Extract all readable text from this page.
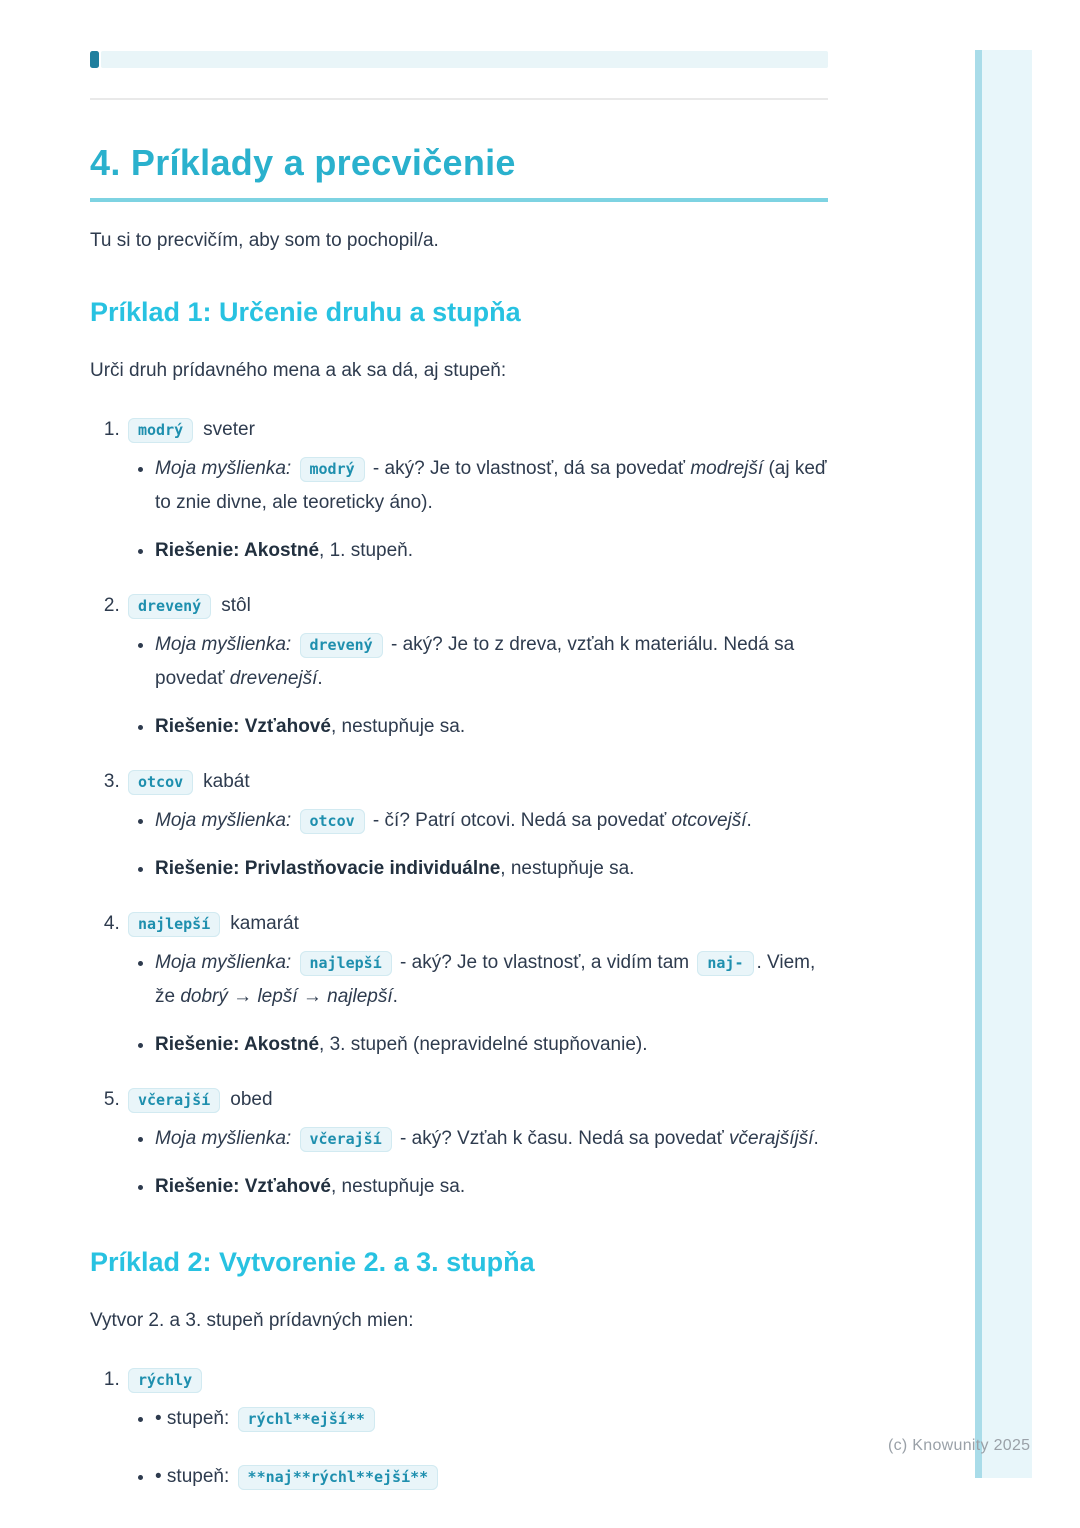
(c) Knowunity 2025
4. Príklady a precvičenie

Tu si to precvičím, aby som to pochopil/a.

Príklad 1: Určenie druhu a stupňa

Urči druh prídavného mena a ak sa dá, aj stupeň:

1. modrý sveter
• Moja myšlienka: modrý - aký? Je to vlastnosť, dá sa povedať modrejší (aj keď to znie divne, ale teoreticky áno).
• Riešenie: Akostné, 1. stupeň.
2. drevený stôl
• Moja myšlienka: drevený - aký? Je to z dreva, vzťah k materiálu. Nedá sa povedať drevenejší.
• Riešenie: Vzťahové, nestupňuje sa.
3. otcov kabát
• Moja myšlienka: otcov - čí? Patrí otcovi. Nedá sa povedať otcovejší.
• Riešenie: Privlastňovacie individuálne, nestupňuje sa.
4. najlepší kamarát
• Moja myšlienka: najlepší - aký? Je to vlastnosť, a vidím tam naj- . Viem, že dobrý → lepší → najlepší.
• Riešenie: Akostné, 3. stupeň (nepravidelné stupňovanie).
5. včerajší obed
• Moja myšlienka: včerajší - aký? Vzťah k času. Nedá sa povedať včerajšíjší.
• Riešenie: Vzťahové, nestupňuje sa.
Príklad 2: Vytvorenie 2. a 3. stupňa

Vytvor 2. a 3. stupeň prídavných mien:

1. rýchly
• • stupeň: rýchl**ejší**
• • stupeň: **naj**rýchl**ejší**
